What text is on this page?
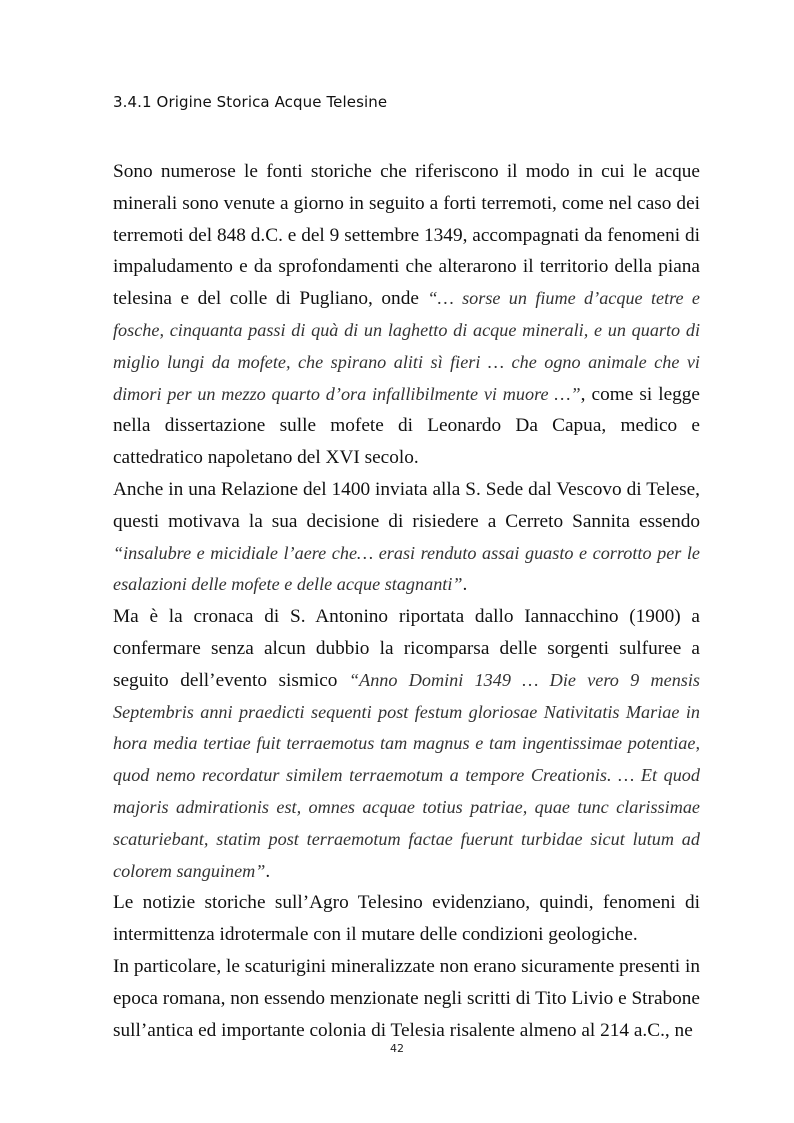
3.4.1 Origine Storica Acque Telesine

Sono numerose le fonti storiche che riferiscono il modo in cui le acque minerali sono venute a giorno in seguito a forti terremoti, come nel caso dei terremoti del 848 d.C. e del 9 settembre 1349, accompagnati da fenomeni di impaludamento e da sprofondamenti che alterarono il territorio della piana telesina e del colle di Pugliano, onde “… sorse un fiume d’acque tetre e fosche, cinquanta passi di quà di un laghetto di acque minerali, e un quarto di miglio lungi da mofete, che spirano aliti sì fieri … che ogno animale che vi dimori per un mezzo quarto d’ora infallibilmente vi muore …”, come si legge nella dissertazione sulle mofete di Leonardo Da Capua, medico e cattedratico napoletano del XVI secolo.

Anche in una Relazione del 1400 inviata alla S. Sede dal Vescovo di Telese, questi motivava la sua decisione di risiedere a Cerreto Sannita essendo “insalubre e micidiale l’aere che… erasi renduto assai guasto e corrotto per le esalazioni delle mofete e delle acque stagnanti”.

Ma è la cronaca di S. Antonino riportata dallo Iannacchino (1900) a confermare senza alcun dubbio la ricomparsa delle sorgenti sulfuree a seguito dell’evento sismico “Anno Domini 1349 … Die vero 9 mensis Septembris anni praedicti sequenti post festum gloriosae Nativitatis Mariae in hora media tertiae fuit terraemotus tam magnus e tam ingentissimae potentiae, quod nemo recordatur similem terraemotum a tempore Creationis. … Et quod majoris admirationis est, omnes acquae totius patriae, quae tunc clarissimae scaturiebant, statim post terraemotum factae fuerunt turbidae sicut lutum ad colorem sanguinem”.

Le notizie storiche sull’Agro Telesino evidenziano, quindi, fenomeni di intermittenza idrotermale con il mutare delle condizioni geologiche.

In particolare, le scaturigini mineralizzate non erano sicuramente presenti in epoca romana, non essendo menzionate negli scritti di Tito Livio e Strabone sull’antica ed importante colonia di Telesia risalente almeno al 214 a.C., ne

42
